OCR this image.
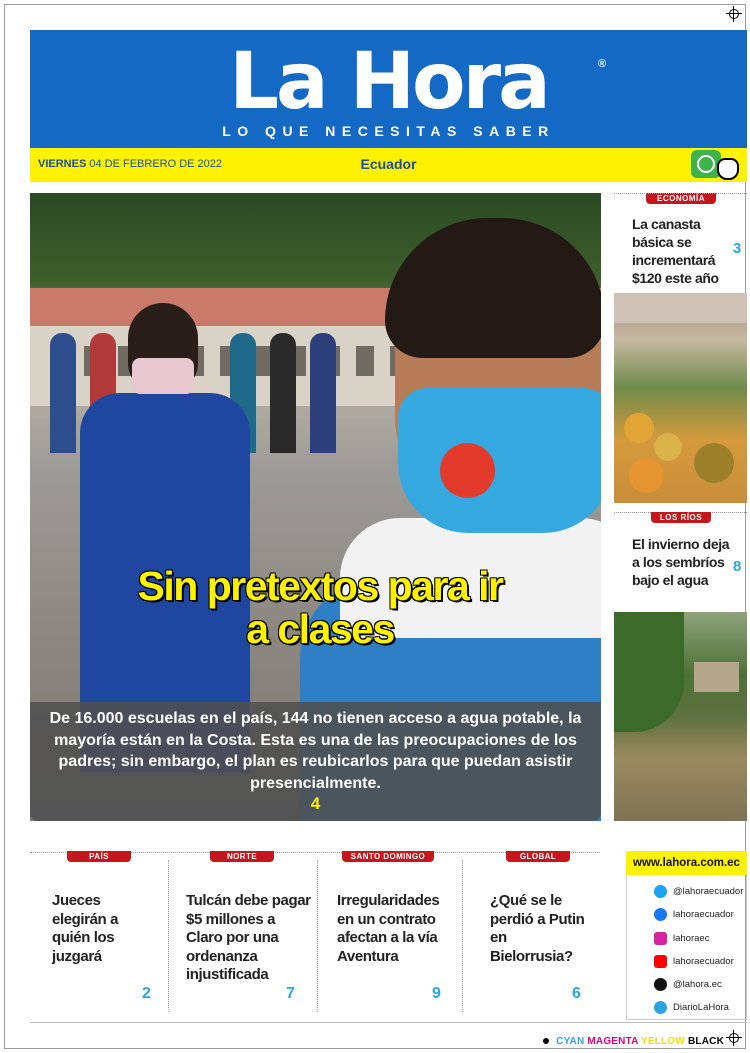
La Hora	®
LO QUE NECESITAS SABER
VIERNES 04 DE FEBRERO DE 2022	Ecuador
Sin pretextos para ir a clases
De 16.000 escuelas en el país, 144 no tienen acceso a agua potable, la mayoría están en la Costa. Esta es una de las preocupaciones de los padres; sin embargo, el plan es reubicarlos para que puedan asistir presencialmente.
4
ECONOMÍA
La canasta básica se incrementará $120 este año
3
LOS RÍOS
El invierno deja a los sembríos bajo el agua
8
PAÍS
Jueces elegirán a quién los juzgará
2
NORTE
Tulcán debe pagar $5 millones a Claro por una ordenanza injustificada
7
SANTO DOMINGO
Irregularidades en un contrato afectan a la vía Aventura
9
GLOBAL
¿Qué se le perdió a Putin en Bielorrusia?
6
www.lahora.com.ec
@lahoraecuador
lahoraecuador
lahoraec
lahoraecuador
@lahora.ec
DiarioLaHora
CYAN MAGENTA YELLOW BLACK
